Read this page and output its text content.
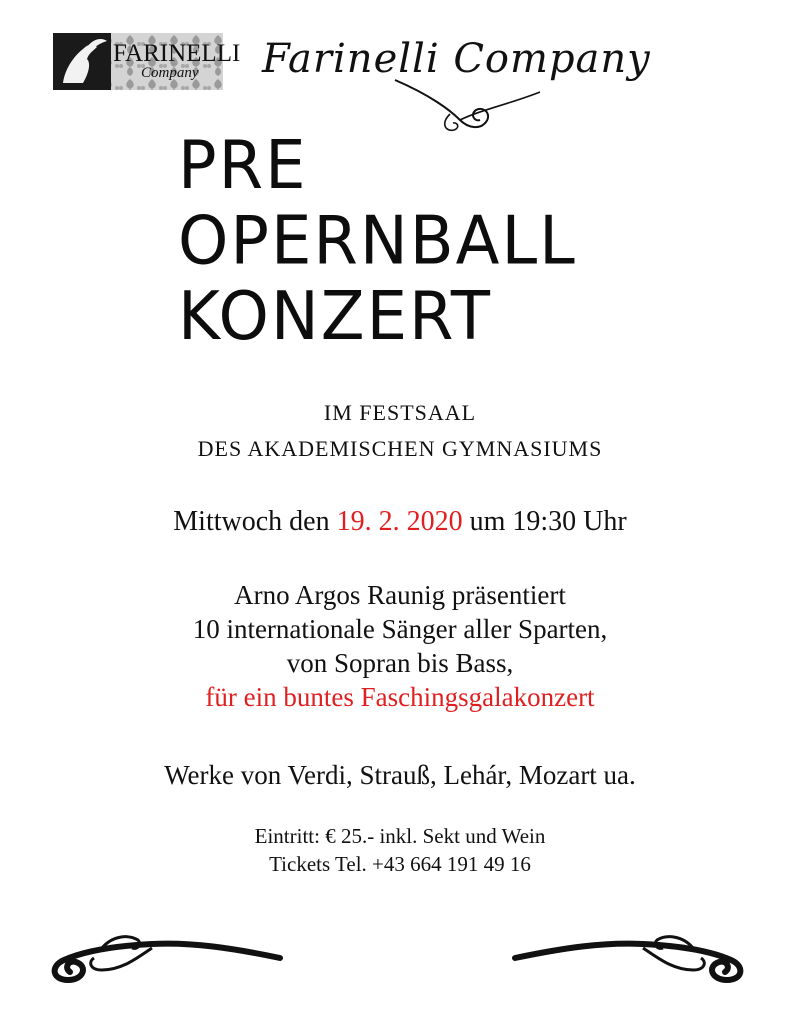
FARINELLI
Company Farinelli Company
PRE
OPERNBALL
KONZERT
IM FESTSAAL
DES AKADEMISCHEN GYMNASIUMS
Mittwoch den 19. 2. 2020 um 19:30 Uhr
Arno Argos Raunig präsentiert
10 internationale Sänger aller Sparten,
von Sopran bis Bass,
für ein buntes Faschingsgalakonzert
Werke von Verdi, Strauß, Lehár, Mozart ua.
Eintritt: € 25.- inkl. Sekt und Wein
Tickets Tel. +43 664 191 49 16
